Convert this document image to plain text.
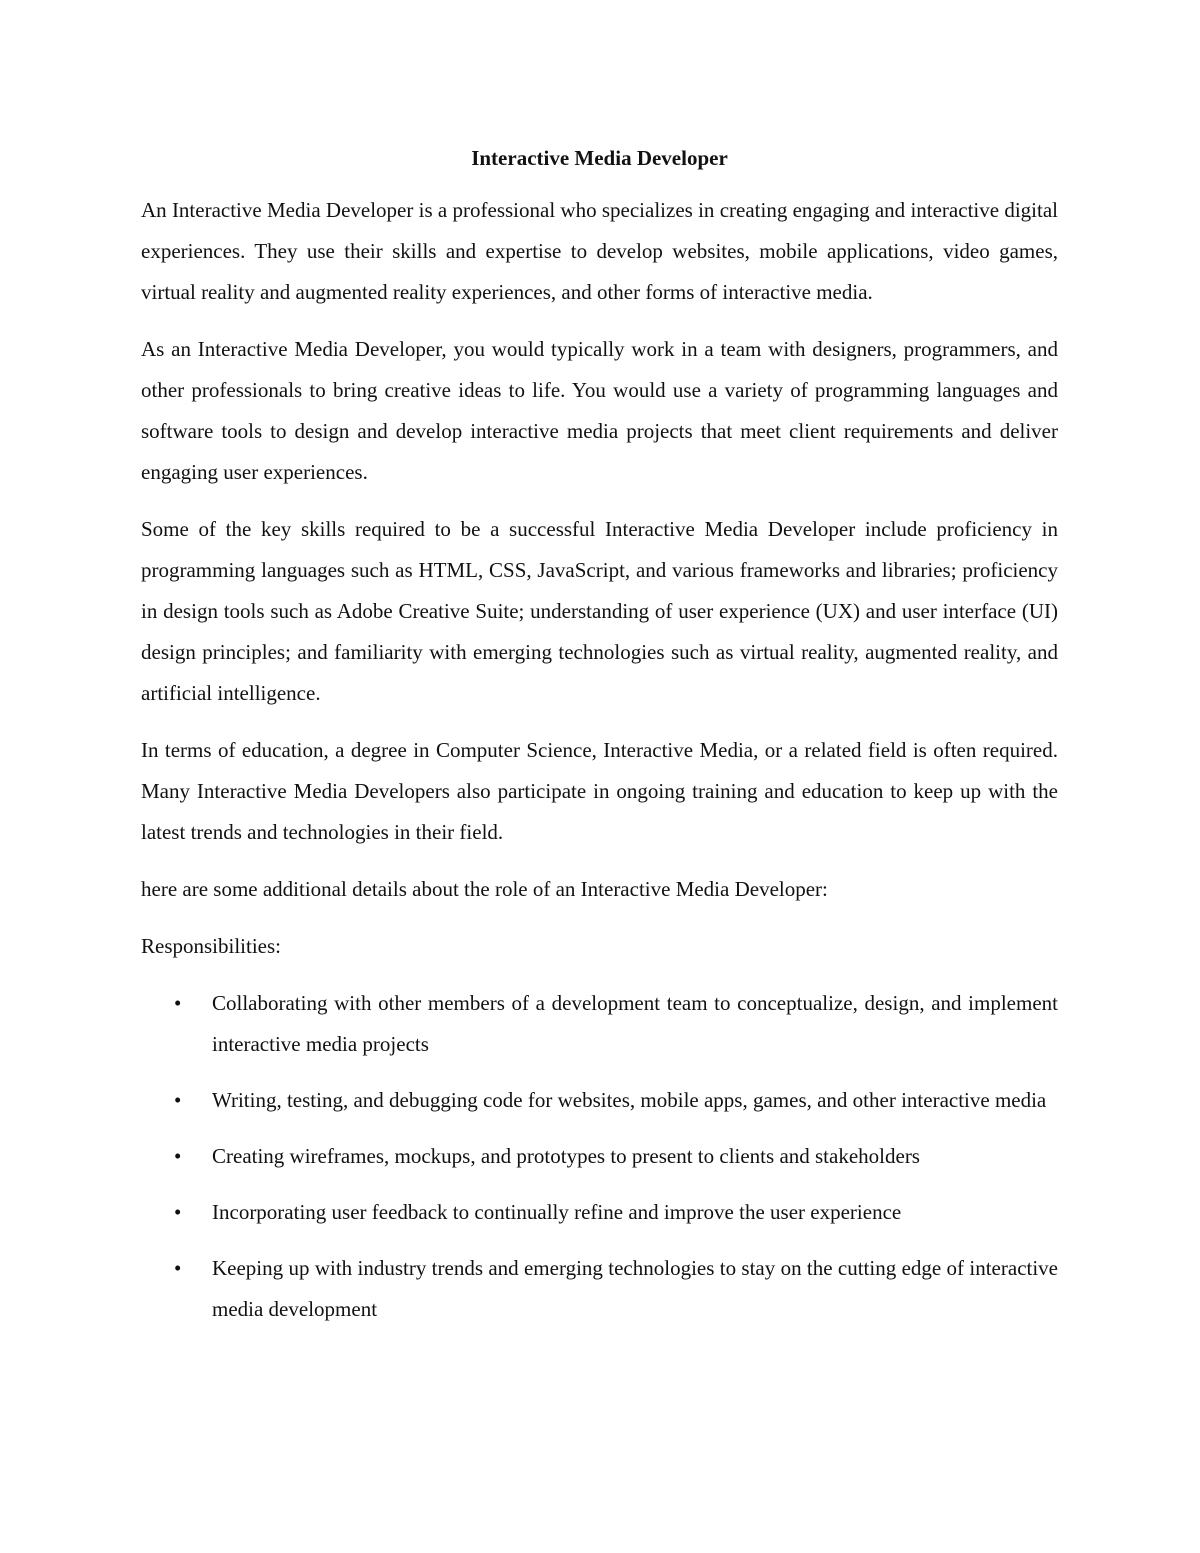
Interactive Media Developer

An Interactive Media Developer is a professional who specializes in creating engaging and interactive digital experiences. They use their skills and expertise to develop websites, mobile applications, video games, virtual reality and augmented reality experiences, and other forms of interactive media.

As an Interactive Media Developer, you would typically work in a team with designers, programmers, and other professionals to bring creative ideas to life. You would use a variety of programming languages and software tools to design and develop interactive media projects that meet client requirements and deliver engaging user experiences.

Some of the key skills required to be a successful Interactive Media Developer include proficiency in programming languages such as HTML, CSS, JavaScript, and various frameworks and libraries; proficiency in design tools such as Adobe Creative Suite; understanding of user experience (UX) and user interface (UI) design principles; and familiarity with emerging technologies such as virtual reality, augmented reality, and artificial intelligence.

In terms of education, a degree in Computer Science, Interactive Media, or a related field is often required. Many Interactive Media Developers also participate in ongoing training and education to keep up with the latest trends and technologies in their field.

here are some additional details about the role of an Interactive Media Developer:

Responsibilities:

• Collaborating with other members of a development team to conceptualize, design, and implement interactive media projects
• Writing, testing, and debugging code for websites, mobile apps, games, and other interactive media
• Creating wireframes, mockups, and prototypes to present to clients and stakeholders
• Incorporating user feedback to continually refine and improve the user experience
• Keeping up with industry trends and emerging technologies to stay on the cutting edge of interactive media development
